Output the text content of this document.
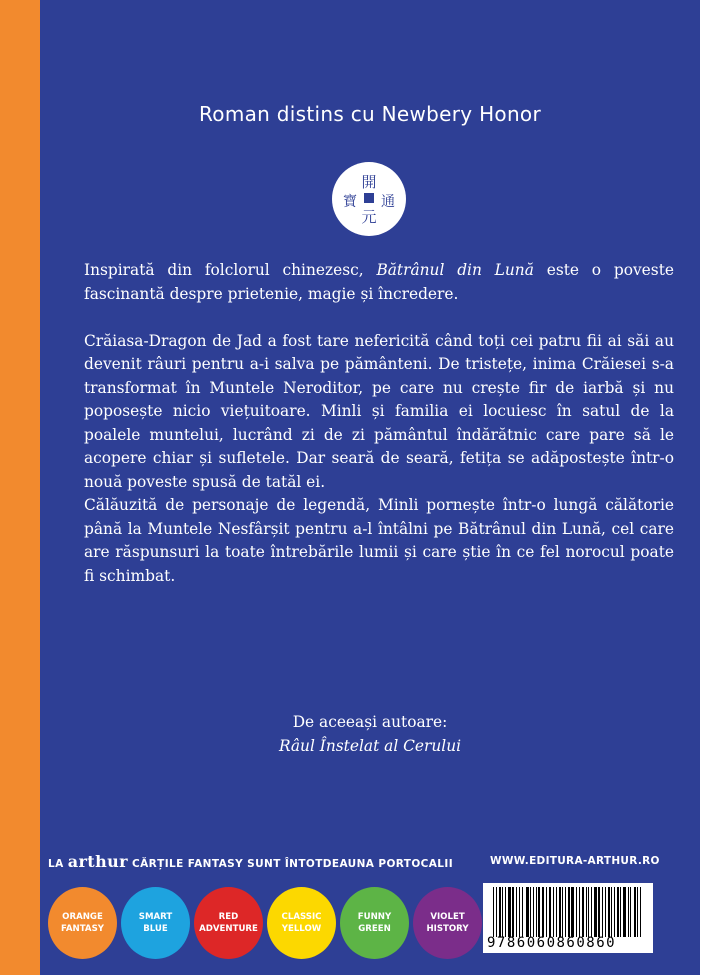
Roman distins cu Newbery Honor
開
元
寶 通

Inspirată din folclorul chinezesc, Bătrânul din Lună este o poveste fascinantă despre prietenie, magie și încredere.

Crăiasa-Dragon de Jad a fost tare nefericită când toți cei patru fii ai săi au devenit râuri pentru a-i salva pe pământeni. De tristețe, inima Crăiesei s-a transformat în Muntele Neroditor, pe care nu crește fir de iarbă și nu poposește nicio viețuitoare. Minli și familia ei locuiesc în satul de la poalele muntelui, lucrând zi de zi pământul îndărătnic care pare să le acopere chiar și sufletele. Dar seară de seară, fetița se adăpostește într-o nouă poveste spusă de tatăl ei.

Călăuzită de personaje de legendă, Minli pornește într-o lungă călătorie până la Muntele Nesfârșit pentru a-l întâlni pe Bătrânul din Lună, cel care are răspunsuri la toate întrebările lumii și care știe în ce fel norocul poate fi schimbat.

De aceeași autoare:
Râul Înstelat al Cerului
LA arthur CĂRȚILE FANTASY SUNT ÎNTOTDEAUNA PORTOCALII	WWW.EDITURA-ARTHUR.RO
ORANGE
FANTASY
SMART
BLUE
RED
ADVENTURE
CLASSIC
YELLOW
FUNNY
GREEN
VIOLET
HISTORY
9786060860860
